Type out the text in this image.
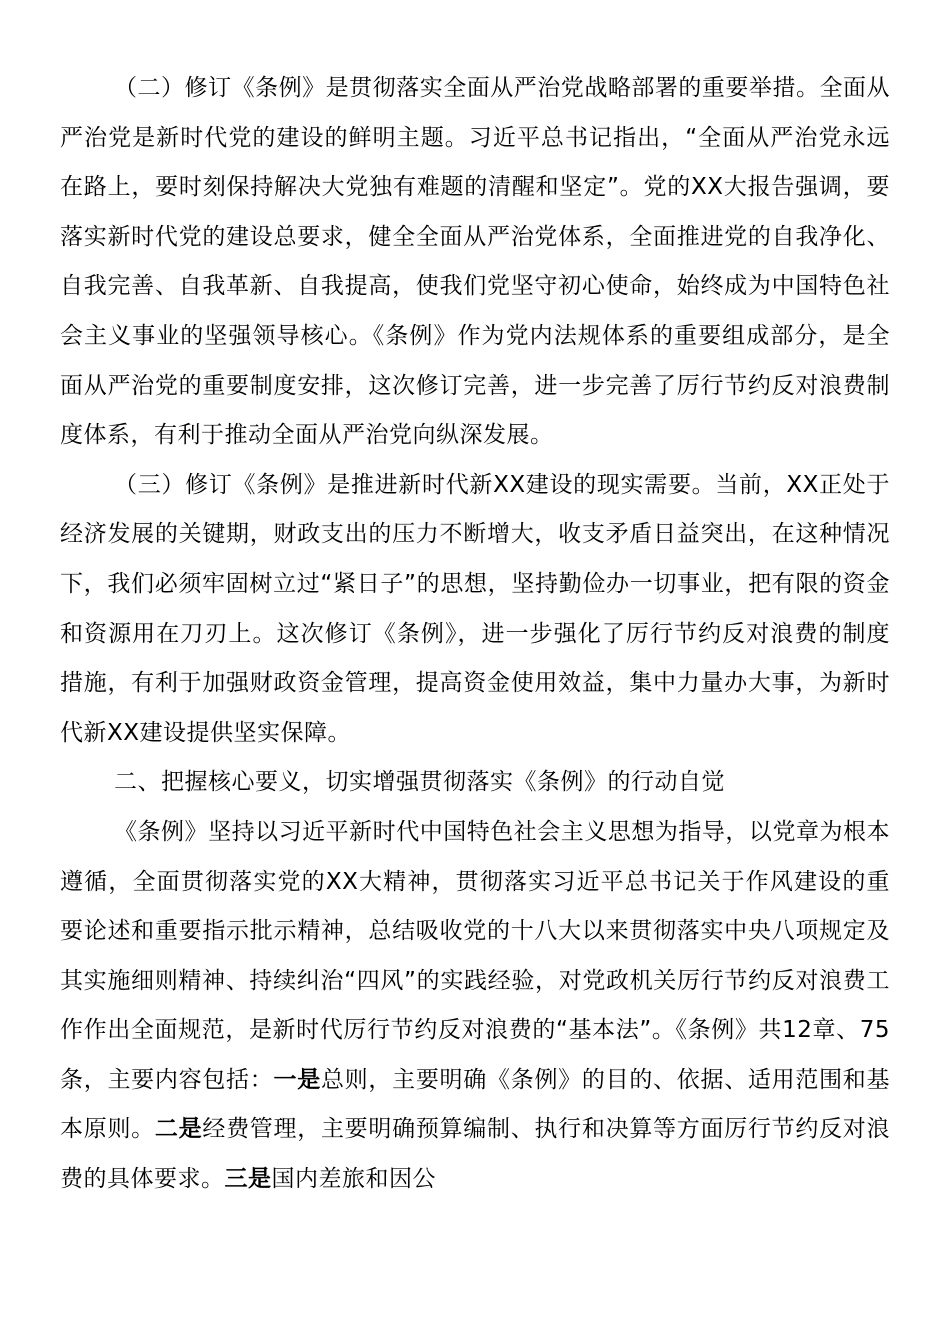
（二）修订《条例》是贯彻落实全面从严治党战略部署的重要举措。全面从严治党是新时代党的建设的鲜明主题。习近平总书记指出，“全面从严治党永远在路上，要时刻保持解决大党独有难题的清醒和坚定”。党的XX大报告强调，要落实新时代党的建设总要求，健全全面从严治党体系，全面推进党的自我净化、自我完善、自我革新、自我提高，使我们党坚守初心使命，始终成为中国特色社会主义事业的坚强领导核心。《条例》作为党内法规体系的重要组成部分，是全面从严治党的重要制度安排，这次修订完善，进一步完善了厉行节约反对浪费制度体系，有利于推动全面从严治党向纵深发展。

（三）修订《条例》是推进新时代新XX建设的现实需要。当前，XX正处于经济发展的关键期，财政支出的压力不断增大，收支矛盾日益突出，在这种情况下，我们必须牢固树立过“紧日子”的思想，坚持勤俭办一切事业，把有限的资金和资源用在刀刃上。这次修订《条例》，进一步强化了厉行节约反对浪费的制度措施，有利于加强财政资金管理，提高资金使用效益，集中力量办大事，为新时代新XX建设提供坚实保障。

二、把握核心要义，切实增强贯彻落实《条例》的行动自觉

《条例》坚持以习近平新时代中国特色社会主义思想为指导，以党章为根本遵循，全面贯彻落实党的XX大精神，贯彻落实习近平总书记关于作风建设的重要论述和重要指示批示精神，总结吸收党的十八大以来贯彻落实中央八项规定及其实施细则精神、持续纠治“四风”的实践经验，对党政机关厉行节约反对浪费工作作出全面规范，是新时代厉行节约反对浪费的“基本法”。《条例》共12章、75条，主要内容包括：一是总则，主要明确《条例》的目的、依据、适用范围和基本原则。二是经费管理，主要明确预算编制、执行和决算等方面厉行节约反对浪费的具体要求。三是国内差旅和因公
